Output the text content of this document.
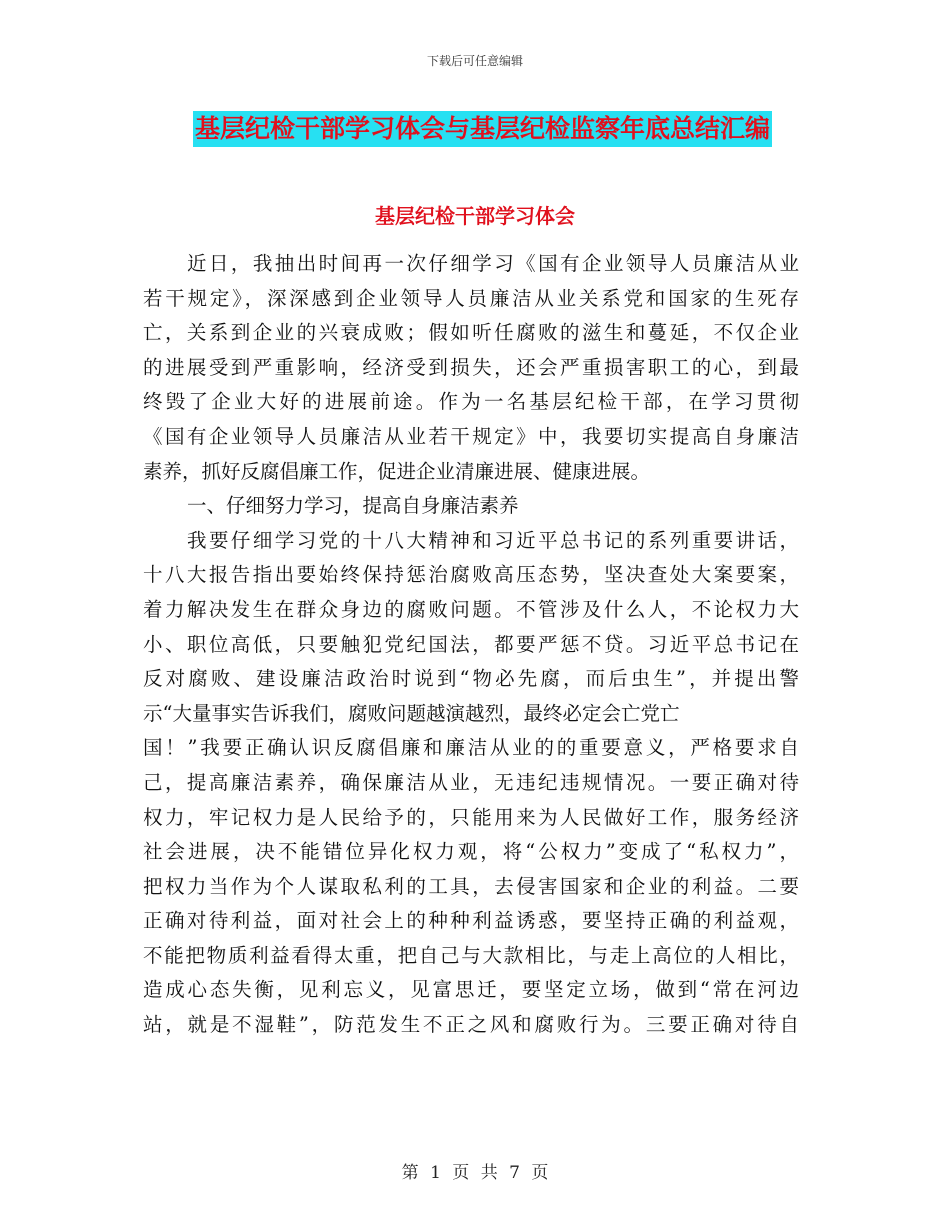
下载后可任意编辑
基层纪检干部学习体会与基层纪检监察年底总结汇编
基层纪检干部学习体会
近日，我抽出时间再一次仔细学习《国有企业领导人员廉洁从业
若干规定》，深深感到企业领导人员廉洁从业关系党和国家的生死存
亡，关系到企业的兴衰成败；假如听任腐败的滋生和蔓延，不仅企业
的进展受到严重影响，经济受到损失，还会严重损害职工的心，到最
终毁了企业大好的进展前途。作为一名基层纪检干部，在学习贯彻
《国有企业领导人员廉洁从业若干规定》中，我要切实提高自身廉洁
素养，抓好反腐倡廉工作，促进企业清廉进展、健康进展。
一、仔细努力学习，提高自身廉洁素养
我要仔细学习党的十八大精神和习近平总书记的系列重要讲话，
十八大报告指出要始终保持惩治腐败高压态势，坚决查处大案要案，
着力解决发生在群众身边的腐败问题。不管涉及什么人，不论权力大
小、职位高低，只要触犯党纪国法，都要严惩不贷。习近平总书记在
反对腐败、建设廉洁政治时说到“物必先腐，而后虫生”，并提出警
示“大量事实告诉我们，腐败问题越演越烈，最终必定会亡党亡
国！”我要正确认识反腐倡廉和廉洁从业的的重要意义，严格要求自
己，提高廉洁素养，确保廉洁从业，无违纪违规情况。一要正确对待
权力，牢记权力是人民给予的，只能用来为人民做好工作，服务经济
社会进展，决不能错位异化权力观，将“公权力”变成了“私权力”，
把权力当作为个人谋取私利的工具，去侵害国家和企业的利益。二要
正确对待利益，面对社会上的种种利益诱惑，要坚持正确的利益观，
不能把物质利益看得太重，把自己与大款相比，与走上高位的人相比，
造成心态失衡，见利忘义，见富思迁，要坚定立场，做到“常在河边
站，就是不湿鞋”，防范发生不正之风和腐败行为。三要正确对待自
第 1 页 共 7 页
